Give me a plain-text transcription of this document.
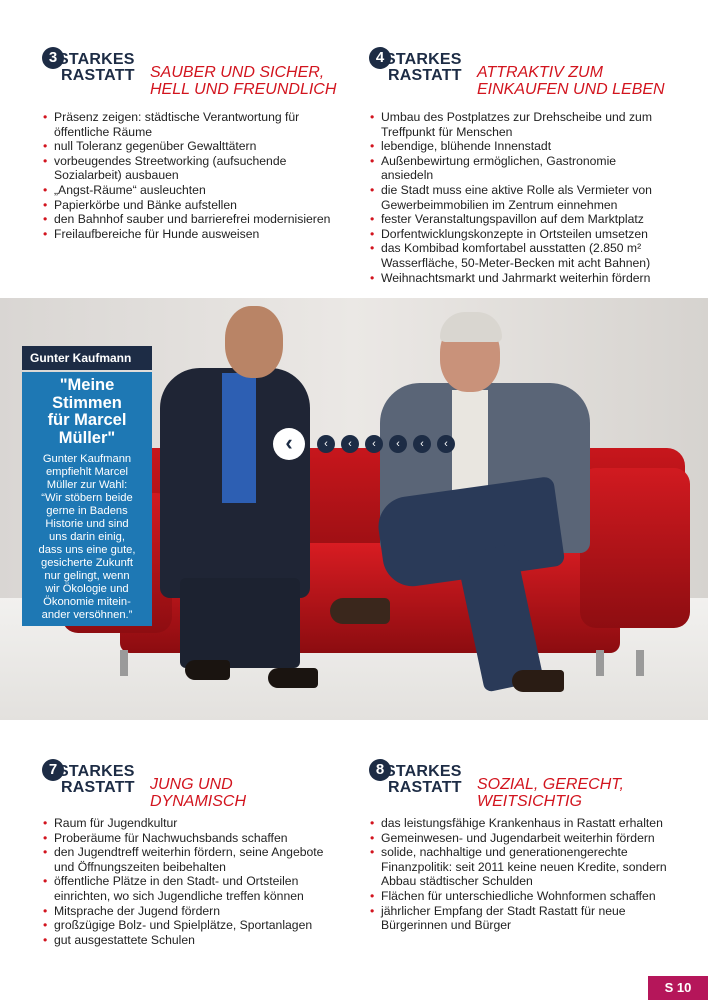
3 STARKES
RASTATT SAUBER UND SICHER,
HELL UND FREUNDLICH
• Präsenz zeigen: städtische Verantwortung für öffentliche Räume
• null Toleranz gegenüber Gewalttätern
• vorbeugendes Streetworking (aufsuchende Sozialarbeit) ausbauen
• „Angst-Räume“ ausleuchten
• Papierkörbe und Bänke aufstellen
• den Bahnhof sauber und barrierefrei modernisieren
• Freilaufbereiche für Hunde ausweisen
4 STARKES
RASTATT ATTRAKTIV ZUM
EINKAUFEN UND LEBEN
• Umbau des Postplatzes zur Drehscheibe und zum Treffpunkt für Menschen
• lebendige, blühende Innenstadt
• Außenbewirtung ermöglichen, Gastronomie ansiedeln
• die Stadt muss eine aktive Rolle als Vermieter von Gewerbeimmobilien im Zentrum einnehmen
• fester Veranstaltungspavillon auf dem Marktplatz
• Dorfentwicklungskonzepte in Ortsteilen umsetzen
• das Kombibad komfortabel ausstatten (2.850 m² Wasserfläche, 50-Meter-Becken mit acht Bahnen)
• Weihnachtsmarkt und Jahrmarkt weiterhin fördern
‹	‹	‹	‹	‹	‹	‹
Gunter Kaufmann
"Meine
Stimmen
für Marcel
Müller"
Gunter Kaufmann
empfiehlt Marcel
Müller zur Wahl:
“Wir stöbern beide
gerne in Badens
Historie und sind
uns darin einig,
dass uns eine gute,
gesicherte Zukunft
nur gelingt, wenn
wir Ökologie und
Ökonomie mitein-
ander versöhnen.”
7 STARKES
RASTATT JUNG UND
DYNAMISCH
• Raum für Jugendkultur
• Proberäume für Nachwuchsbands schaffen
• den Jugendtreff weiterhin fördern, seine Angebote und Öffnungszeiten beibehalten
• öffentliche Plätze in den Stadt- und Ortsteilen einrichten, wo sich Jugendliche treffen können
• Mitsprache der Jugend fördern
• großzügige Bolz- und Spielplätze, Sportanlagen
• gut ausgestattete Schulen
8 STARKES
RASTATT SOZIAL, GERECHT,
WEITSICHTIG
• das leistungsfähige Krankenhaus in Rastatt erhalten
• Gemeinwesen- und Jugendarbeit weiterhin fördern
• solide, nachhaltige und generationengerechte Finanzpolitik: seit 2011 keine neuen Kredite, sondern Abbau städtischer Schulden
• Flächen für unterschiedliche Wohnformen schaffen
• jährlicher Empfang der Stadt Rastatt für neue Bürgerinnen und Bürger
S 10
